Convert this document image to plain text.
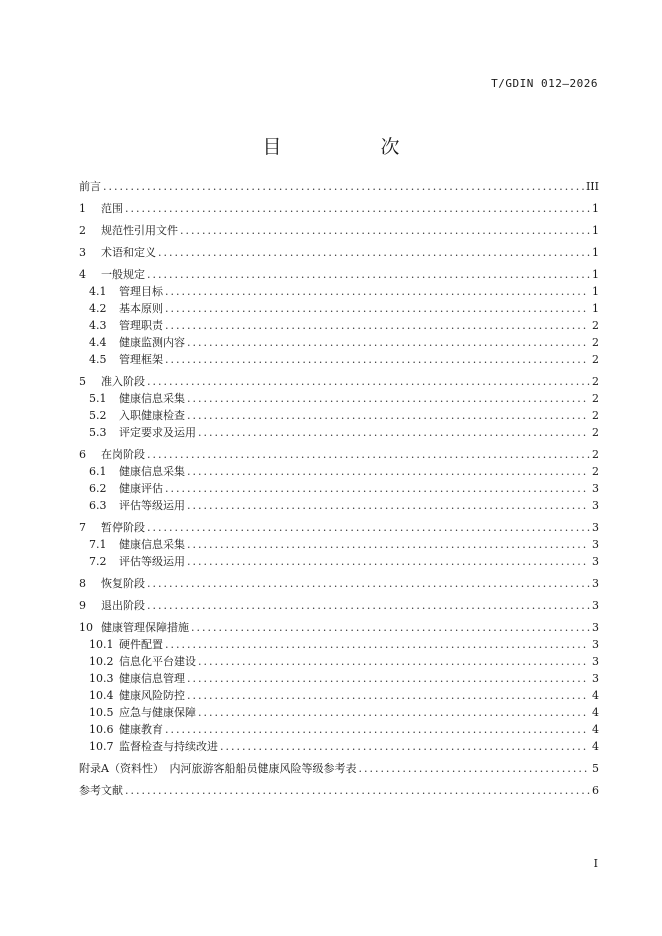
T/GDIN 012—2026
目　次
前言 .....	III
1	范围 .....	1
2	规范性引用文件 .....	1
3	术语和定义 .....	1
4	一般规定 .....	1
4.1	管理目标 .....	1
4.2	基本原则 .....	1
4.3	管理职责 .....	2
4.4	健康监测内容 .....	2
4.5	管理框架 .....	2
5	准入阶段 .....	2
5.1	健康信息采集 .....	2
5.2	入职健康检查 .....	2
5.3	评定要求及运用 .....	2
6	在岗阶段 .....	2
6.1	健康信息采集 .....	2
6.2	健康评估 .....	3
6.3	评估等级运用 .....	3
7	暂停阶段 .....	3
7.1	健康信息采集 .....	3
7.2	评估等级运用 .....	3
8	恢复阶段 .....	3
9	退出阶段 .....	3
10 健康管理保障措施 .....	3
10.1 硬件配置 .....	3
10.2 信息化平台建设 .....	3
10.3 健康信息管理 .....	3
10.4 健康风险防控 .....	4
10.5 应急与健康保障 .....	4
10.6 健康教育 .....	4
10.7 监督检查与持续改进 .....	4
附录A（资料性）　内河旅游客船船员健康风险等级参考表 .....	5
参考文献 .....	6
I
